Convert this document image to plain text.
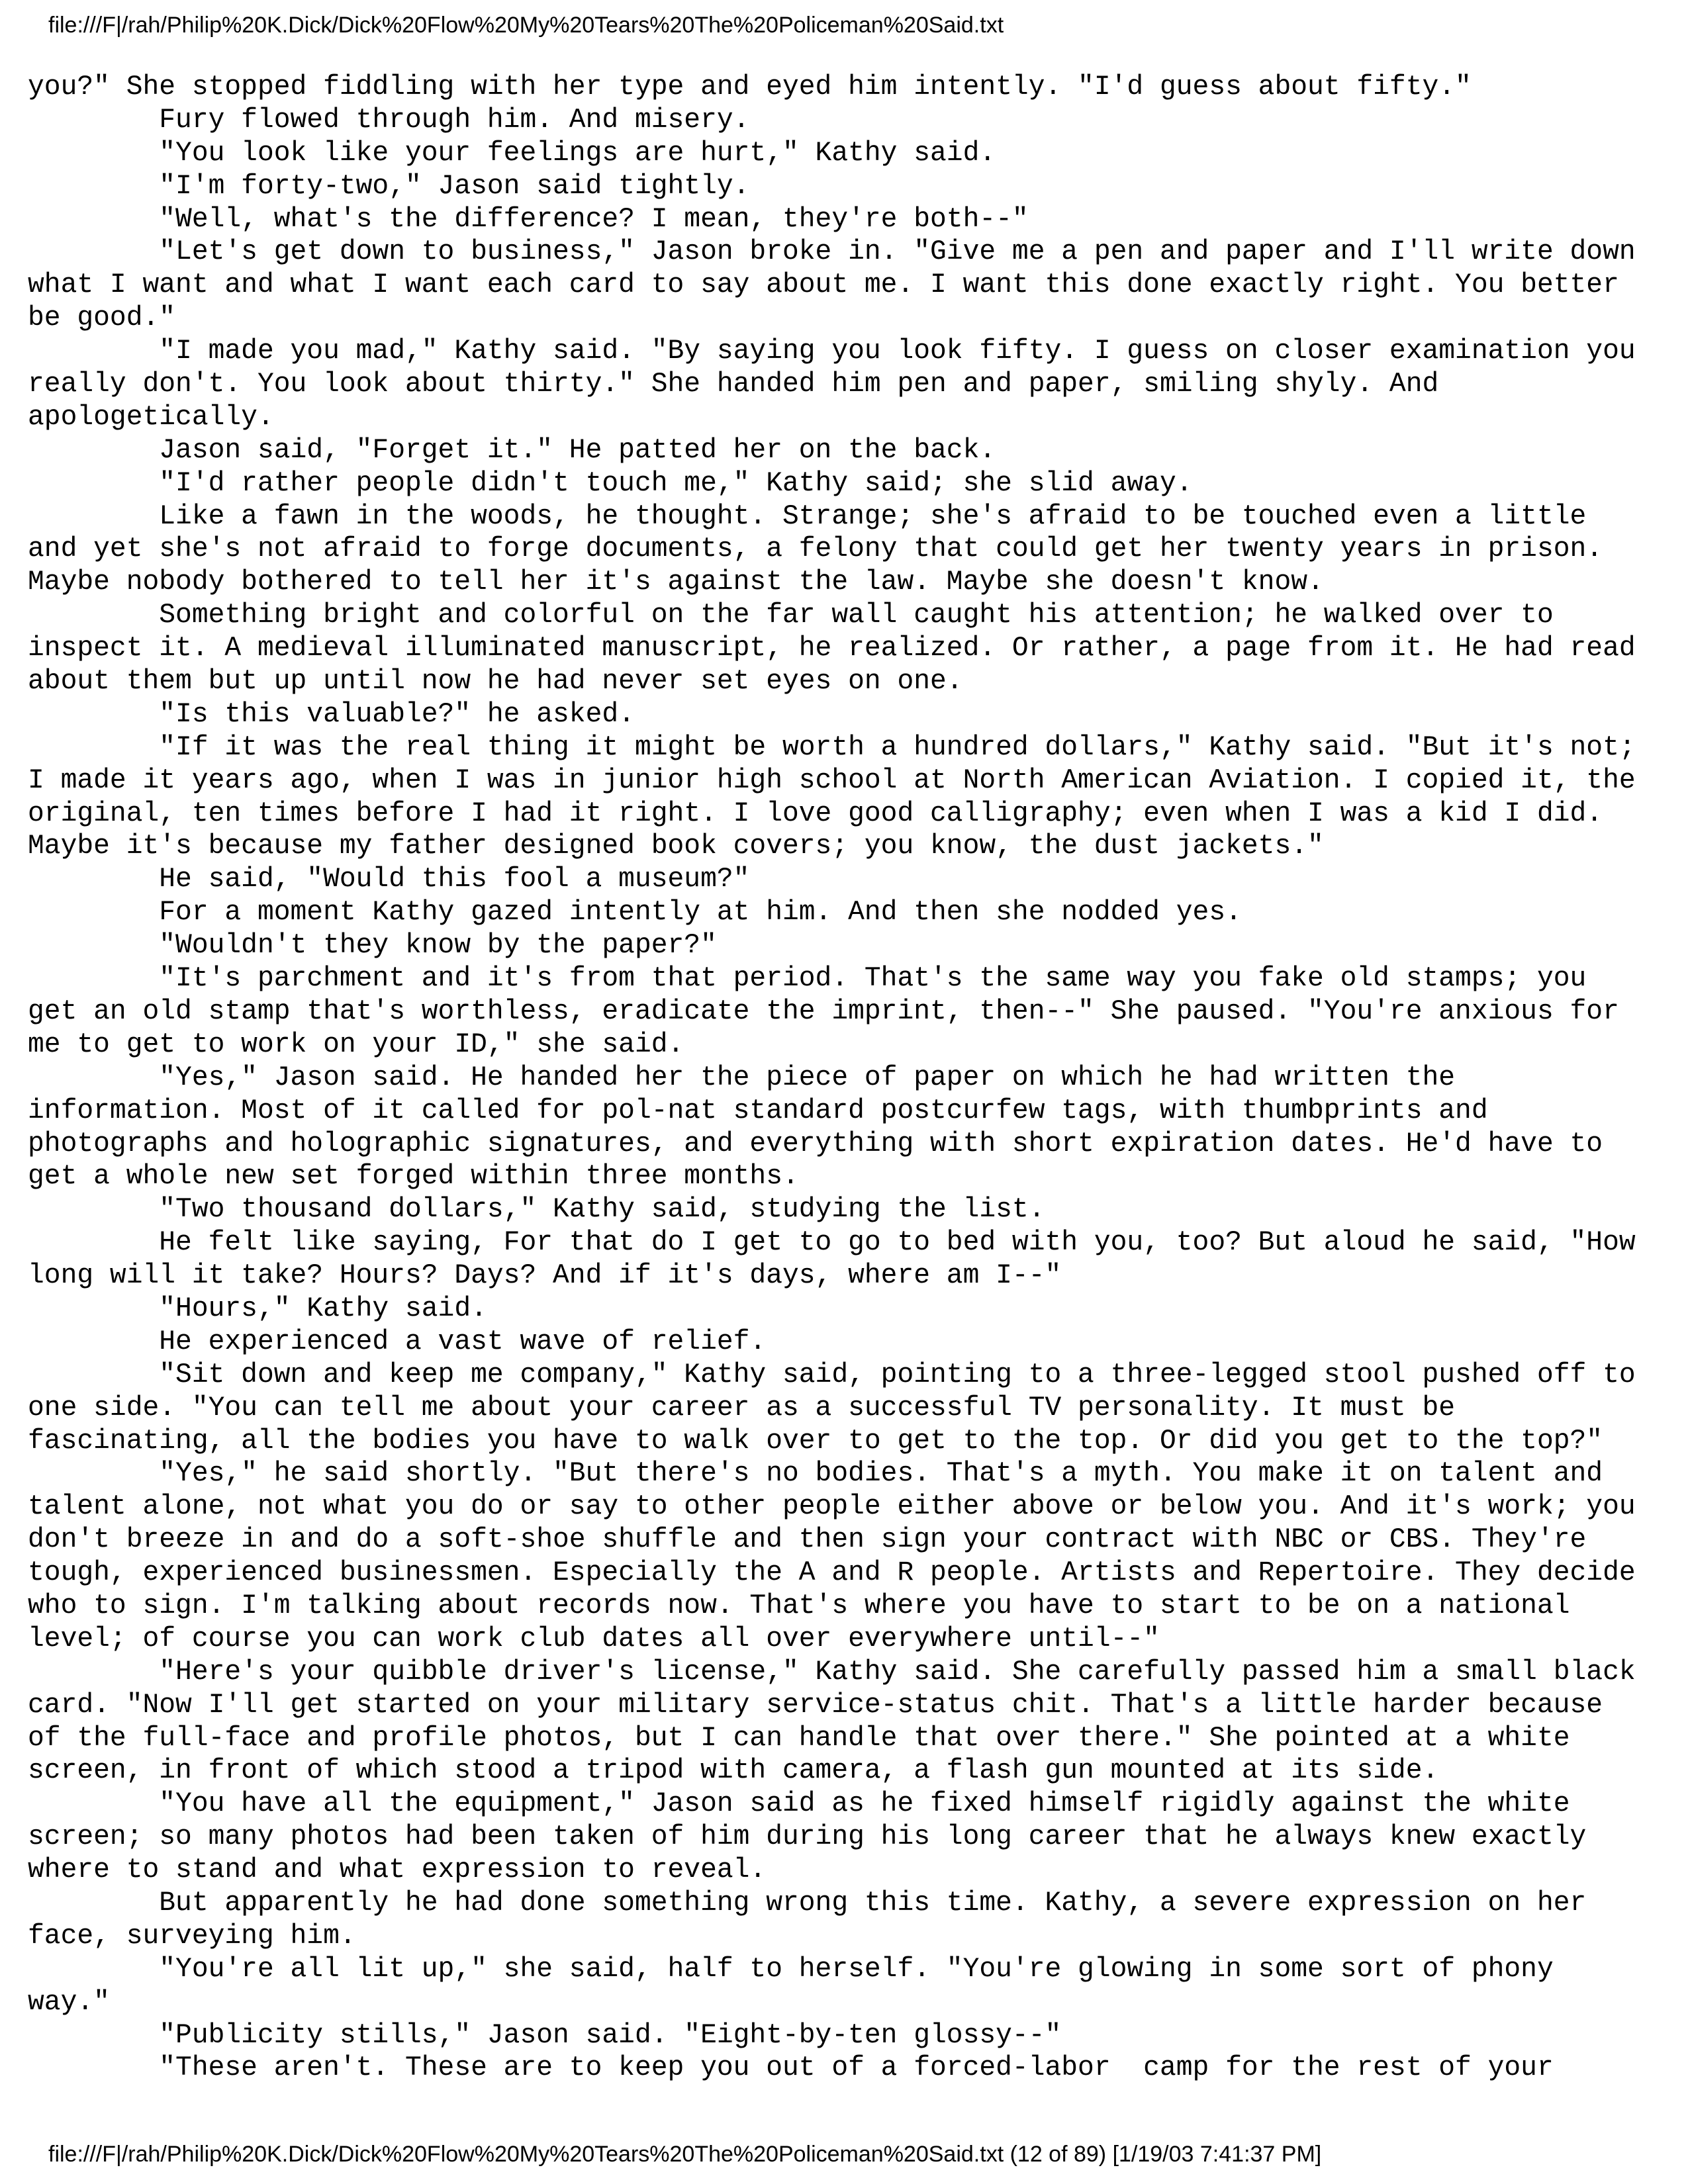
file:///F|/rah/Philip%20K.Dick/Dick%20Flow%20My%20Tears%20The%20Policeman%20Said.txt
you?" She stopped fiddling with her type and eyed him intently. "I'd guess about fifty."
Fury flowed through him. And misery.
"You look like your feelings are hurt," Kathy said.
"I'm forty-two," Jason said tightly.
"Well, what's the difference? I mean, they're both--"
"Let's get down to business," Jason broke in. "Give me a pen and paper and I'll write down
what I want and what I want each card to say about me. I want this done exactly right. You better
be good."
"I made you mad," Kathy said. "By saying you look fifty. I guess on closer examination you
really don't. You look about thirty." She handed him pen and paper, smiling shyly. And
apologetically.
Jason said, "Forget it." He patted her on the back.
"I'd rather people didn't touch me," Kathy said; she slid away.
Like a fawn in the woods, he thought. Strange; she's afraid to be touched even a little
and yet she's not afraid to forge documents, a felony that could get her twenty years in prison.
Maybe nobody bothered to tell her it's against the law. Maybe she doesn't know.
Something bright and colorful on the far wall caught his attention; he walked over to
inspect it. A medieval illuminated manuscript, he realized. Or rather, a page from it. He had read
about them but up until now he had never set eyes on one.
"Is this valuable?" he asked.
"If it was the real thing it might be worth a hundred dollars," Kathy said. "But it's not;
I made it years ago, when I was in junior high school at North American Aviation. I copied it, the
original, ten times before I had it right. I love good calligraphy; even when I was a kid I did.
Maybe it's because my father designed book covers; you know, the dust jackets."
He said, "Would this fool a museum?"
For a moment Kathy gazed intently at him. And then she nodded yes.
"Wouldn't they know by the paper?"
"It's parchment and it's from that period. That's the same way you fake old stamps; you
get an old stamp that's worthless, eradicate the imprint, then--" She paused. "You're anxious for
me to get to work on your ID," she said.
"Yes," Jason said. He handed her the piece of paper on which he had written the
information. Most of it called for pol-nat standard postcurfew tags, with thumbprints and
photographs and holographic signatures, and everything with short expiration dates. He'd have to
get a whole new set forged within three months.
"Two thousand dollars," Kathy said, studying the list.
He felt like saying, For that do I get to go to bed with you, too? But aloud he said, "How
long will it take? Hours? Days? And if it's days, where am I--"
"Hours," Kathy said.
He experienced a vast wave of relief.
"Sit down and keep me company," Kathy said, pointing to a three-legged stool pushed off to
one side. "You can tell me about your career as a successful TV personality. It must be
fascinating, all the bodies you have to walk over to get to the top. Or did you get to the top?"
"Yes," he said shortly. "But there's no bodies. That's a myth. You make it on talent and
talent alone, not what you do or say to other people either above or below you. And it's work; you
don't breeze in and do a soft-shoe shuffle and then sign your contract with NBC or CBS. They're
tough, experienced businessmen. Especially the A and R people. Artists and Repertoire. They decide
who to sign. I'm talking about records now. That's where you have to start to be on a national
level; of course you can work club dates all over everywhere until--"
"Here's your quibble driver's license," Kathy said. She carefully passed him a small black
card. "Now I'll get started on your military service-status chit. That's a little harder because
of the full-face and profile photos, but I can handle that over there." She pointed at a white
screen, in front of which stood a tripod with camera, a flash gun mounted at its side.
"You have all the equipment," Jason said as he fixed himself rigidly against the white
screen; so many photos had been taken of him during his long career that he always knew exactly
where to stand and what expression to reveal.
But apparently he had done something wrong this time. Kathy, a severe expression on her
face, surveying him.
"You're all lit up," she said, half to herself. "You're glowing in some sort of phony
way."
"Publicity stills," Jason said. "Eight-by-ten glossy--"
"These aren't. These are to keep you out of a forced-labor  camp for the rest of your
file:///F|/rah/Philip%20K.Dick/Dick%20Flow%20My%20Tears%20The%20Policeman%20Said.txt (12 of 89) [1/19/03 7:41:37 PM]
